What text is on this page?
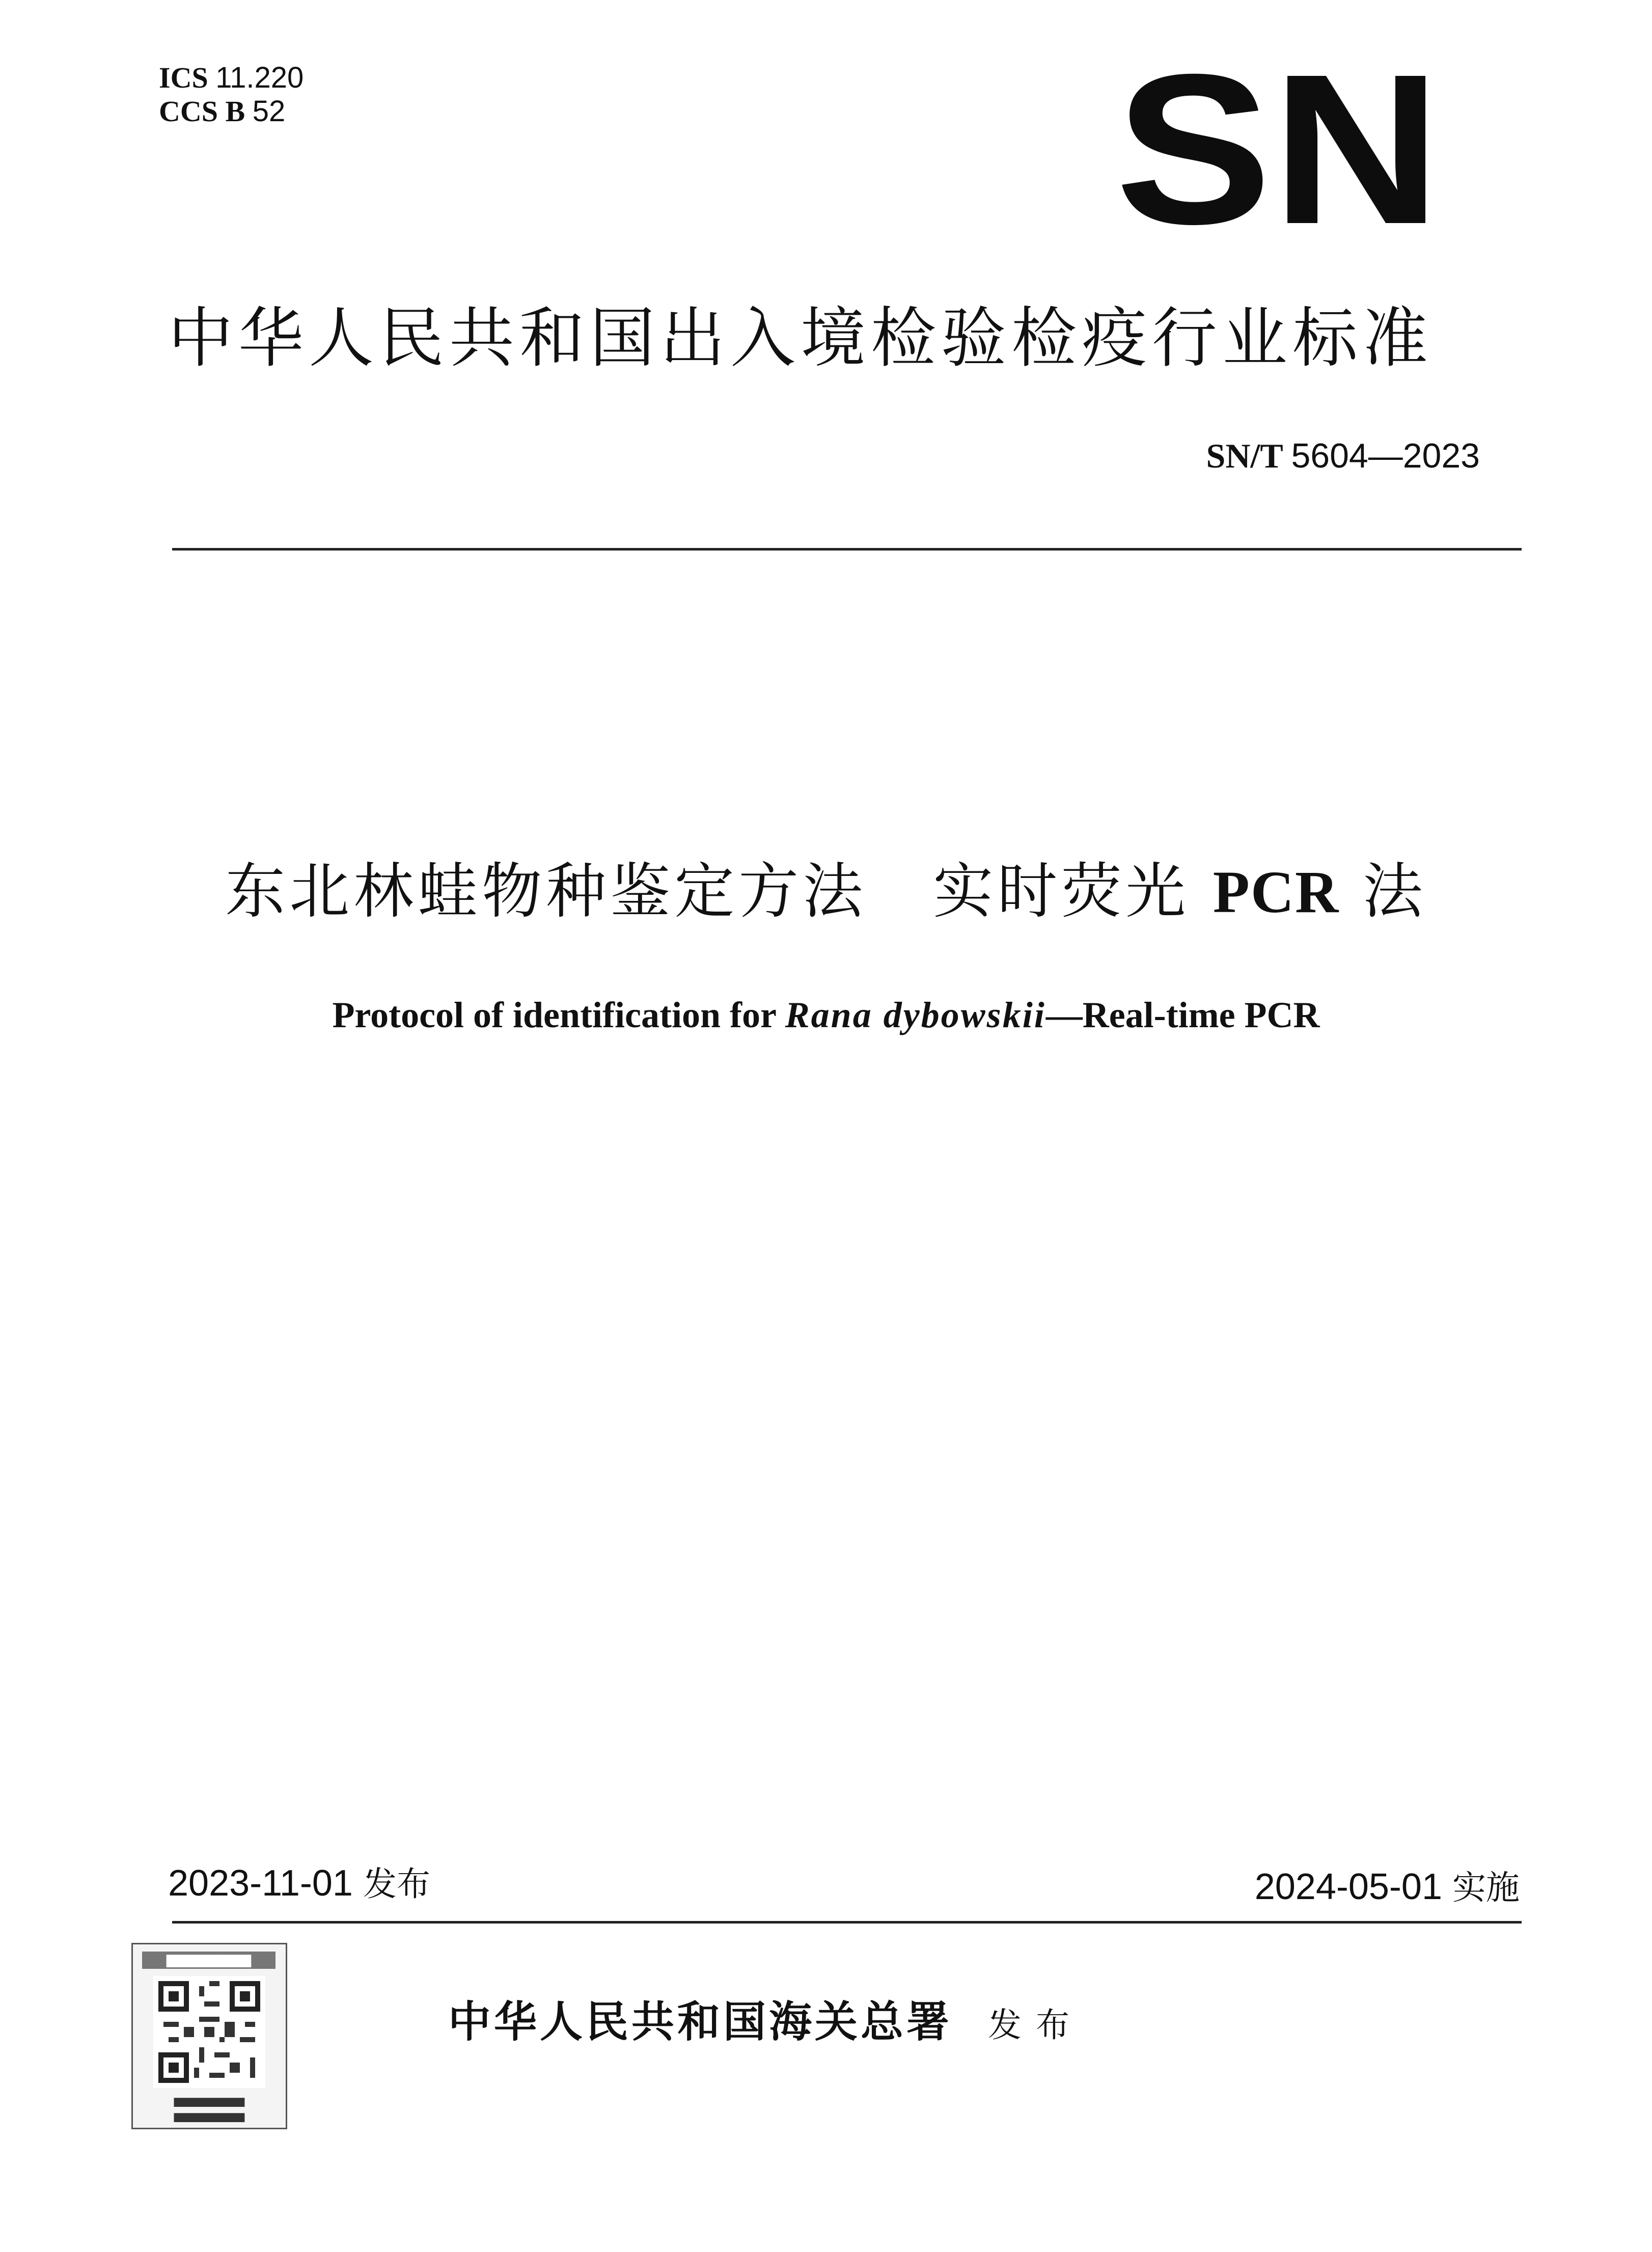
ICS 11.220
CCS B 52	SN
中华人民共和国出入境检验检疫行业标准
SN/T 5604—2023
东北林蛙物种鉴定方法 实时荧光 PCR 法
Protocol of identification for Rana dybowskii—Real-time PCR
2023-11-01 发布	2024-05-01 实施
▇▇▇▇▇▇▇▇▇
▆▆▆▆▆▆▆▆▆
▆▆▆▆▆▆▆▆▆
中华人民共和国海关总署 发布
